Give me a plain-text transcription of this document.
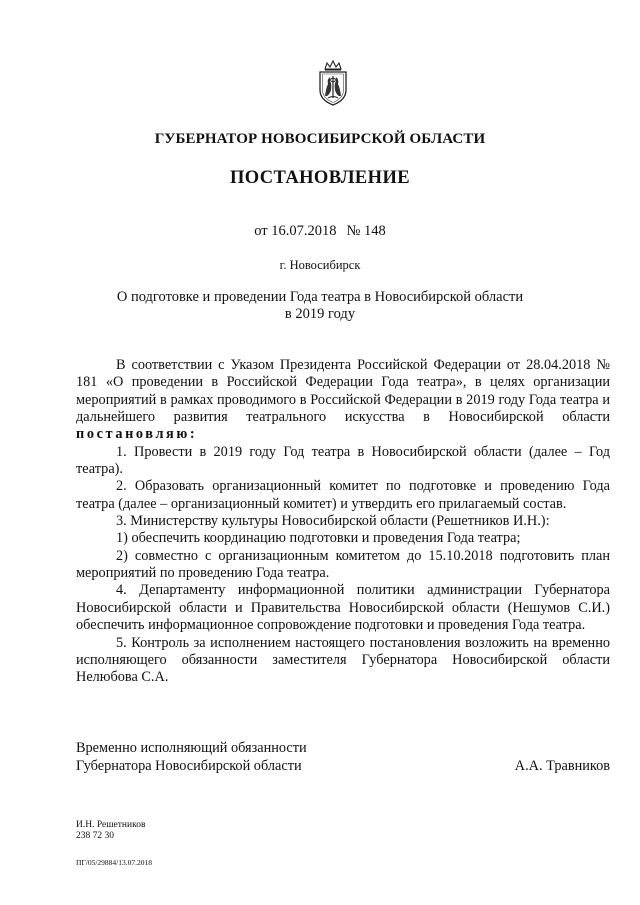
ГУБЕРНАТОР НОВОСИБИРСКОЙ ОБЛАСТИ
ПОСТАНОВЛЕНИЕ
от 16.07.2018 № 148
г. Новосибирск
О подготовке и проведении Года театра в Новосибирской области
в 2019 году

В соответствии с Указом Президента Российской Федерации от 28.04.2018 № 181 «О проведении в Российской Федерации Года театра», в целях организации мероприятий в рамках проводимого в Российской Федерации в 2019 году Года театра и дальнейшего развития театрального искусства в Новосибирской области постановляю:

1. Провести в 2019 году Год театра в Новосибирской области (далее – Год театра).

2. Образовать организационный комитет по подготовке и проведению Года театра (далее – организационный комитет) и утвердить его прилагаемый состав.

3. Министерству культуры Новосибирской области (Решетников И.Н.):

1) обеспечить координацию подготовки и проведения Года театра;

2) совместно с организационным комитетом до 15.10.2018 подготовить план мероприятий по проведению Года театра.

4. Департаменту информационной политики администрации Губернатора Новосибирской области и Правительства Новосибирской области (Нешумов С.И.) обеспечить информационное сопровождение подготовки и проведения Года театра.

5. Контроль за исполнением настоящего постановления возложить на временно исполняющего обязанности заместителя Губернатора Новосибирской области Нелюбова С.А.

Временно исполняющий обязанности
Губернатора Новосибирской области	А.А. Травников
И.Н. Решетников
238 72 30
ПГ/05/29884/13.07.2018
